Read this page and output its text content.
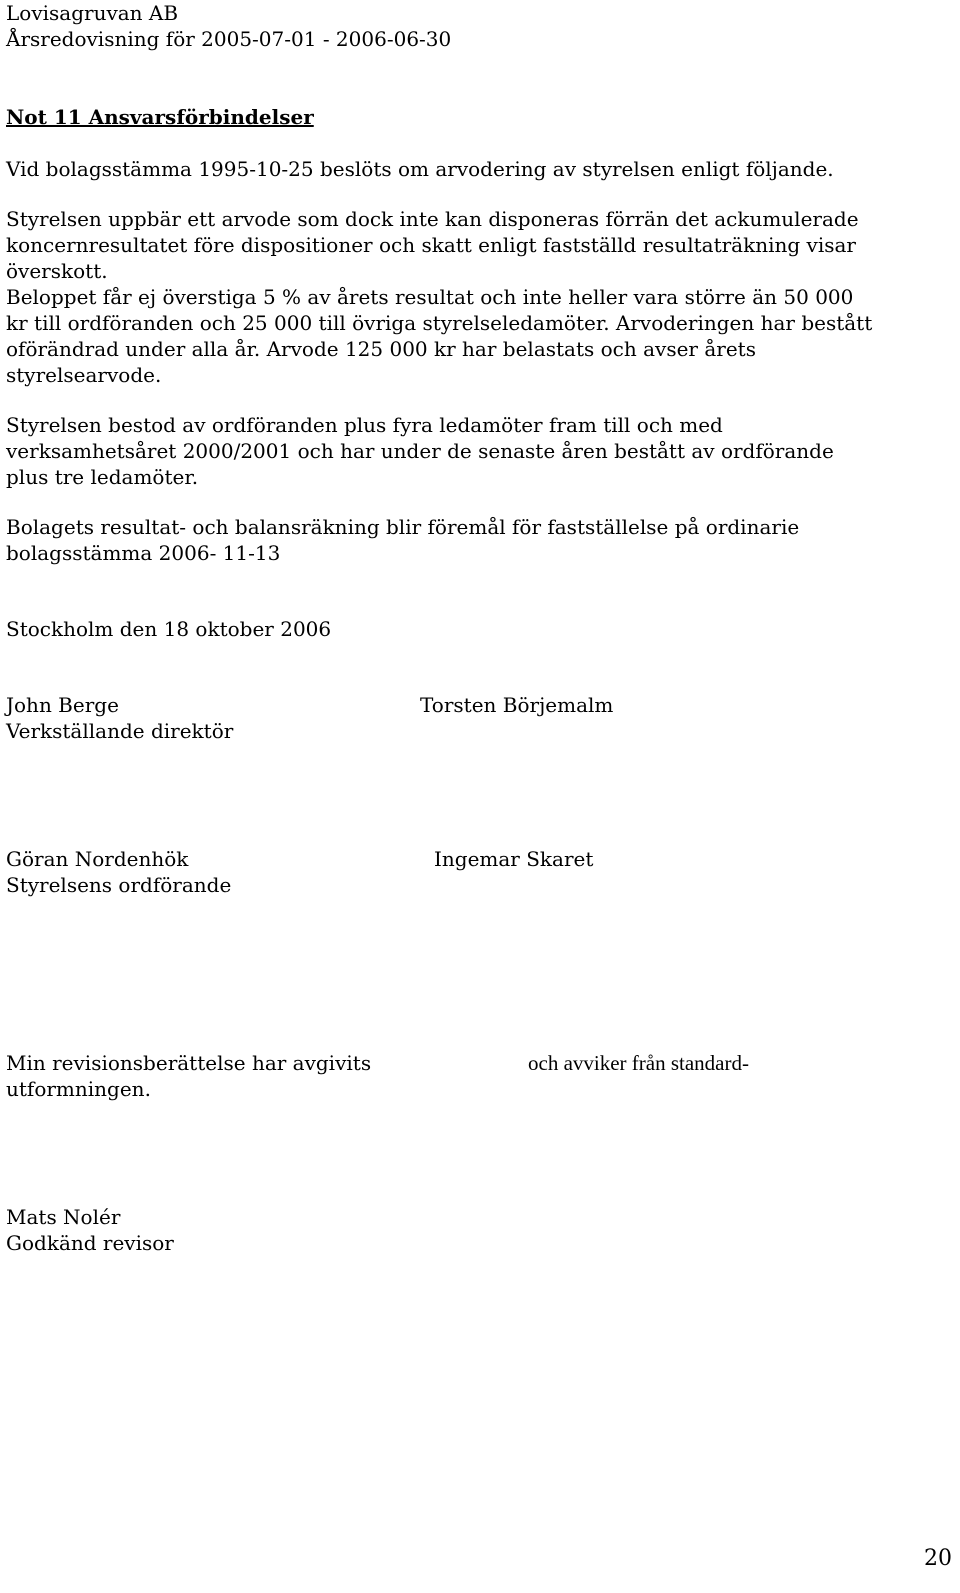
Lovisagruvan AB

Årsredovisning för 2005-07-01 - 2006-06-30

Not 11 Ansvarsförbindelser

Vid bolagsstämma 1995-10-25 beslöts om arvodering av styrelsen enligt följande.

Styrelsen uppbär ett arvode som dock inte kan disponeras förrän det ackumulerade
koncernresultatet före dispositioner och skatt enligt fastställd resultaträkning visar
överskott.
Beloppet får ej överstiga 5 % av årets resultat och inte heller vara större än 50 000
kr till ordföranden och 25 000 till övriga styrelseledamöter. Arvoderingen har bestått
oförändrad under alla år. Arvode 125 000 kr har belastats och avser årets
styrelsearvode.
Styrelsen bestod av ordföranden plus fyra ledamöter fram till och med
verksamhetsåret 2000/2001 och har under de senaste åren bestått av ordförande
plus tre ledamöter.
Bolagets resultat- och balansräkning blir föremål för fastställelse på ordinarie
bolagsstämma 2006- 11-13

Stockholm den 18 oktober 2006

John Berge

Verkställande direktör

Torsten Börjemalm

Göran Nordenhök

Styrelsens ordförande

Ingemar Skaret

Min revisionsberättelse har avgivits	och avviker från standard-

utformningen.

Mats Nolér

Godkänd revisor

20
